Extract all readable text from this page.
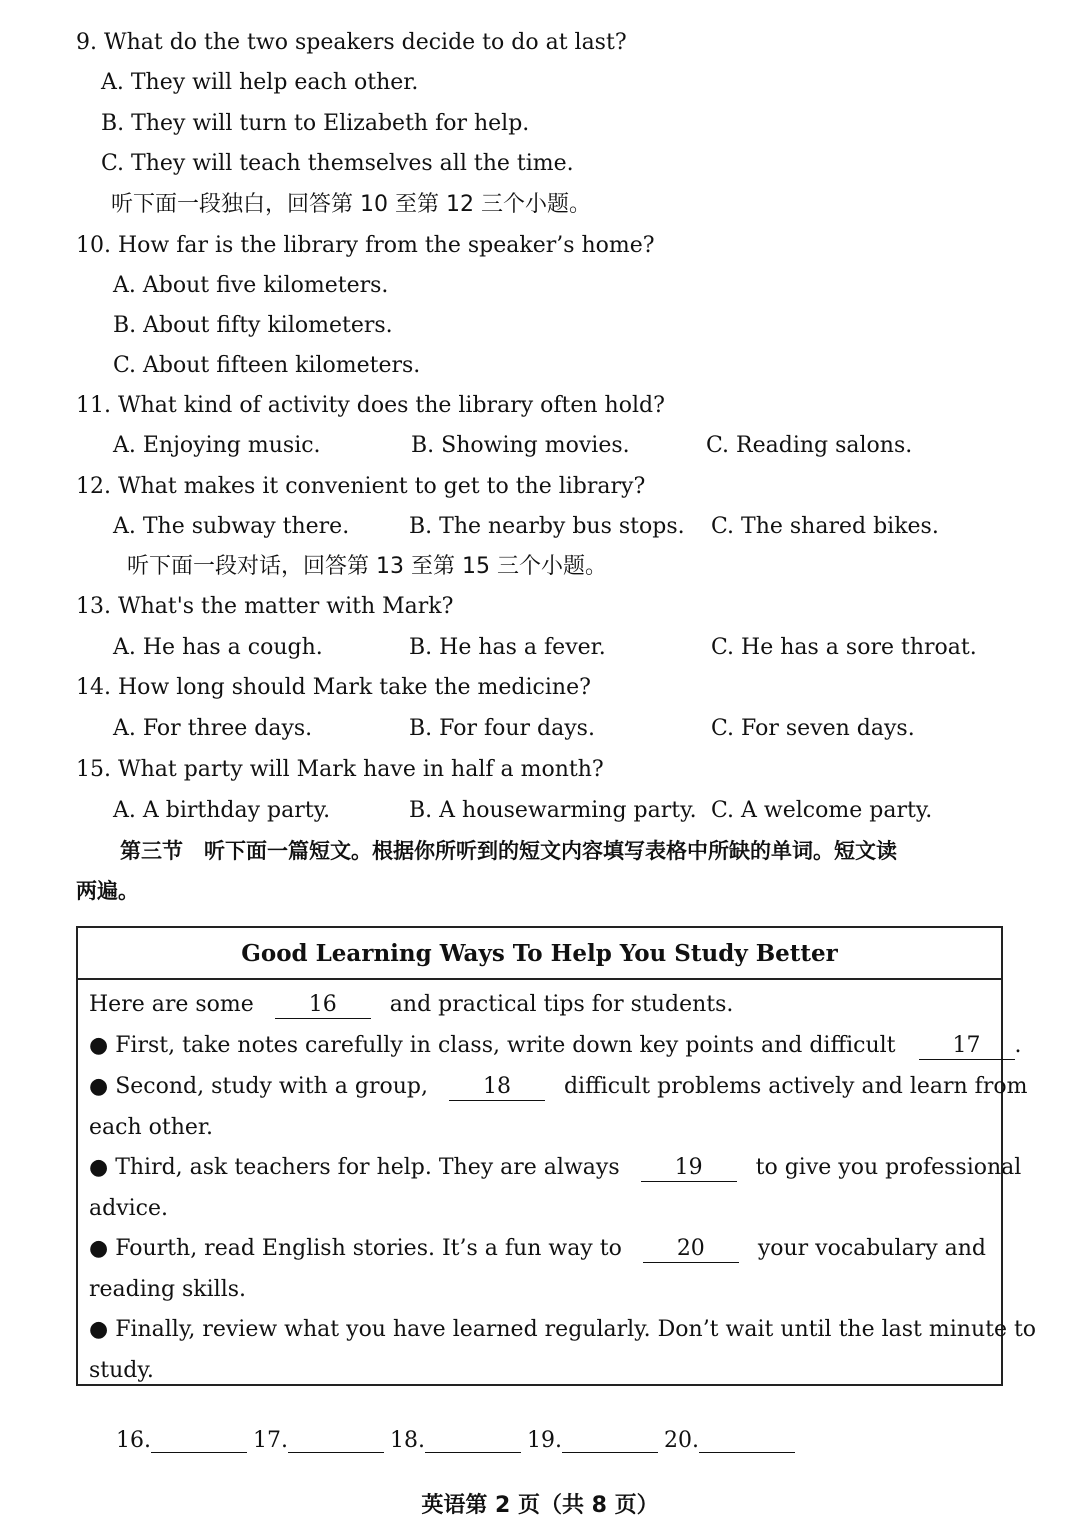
9. What do the two speakers decide to do at last?
A. They will help each other.
B. They will turn to Elizabeth for help.
C. They will teach themselves all the time.
听下面一段独白，回答第 10 至第 12 三个小题。
10. How far is the library from the speaker’s home?
A. About five kilometers.
B. About fifty kilometers.
C. About fifteen kilometers.
11. What kind of activity does the library often hold?
A. Enjoying music.	B. Showing movies.	C. Reading salons.
12. What makes it convenient to get to the library?
A. The subway there.	B. The nearby bus stops. C. The shared bikes.
听下面一段对话，回答第 13 至第 15 三个小题。
13. What's the matter with Mark?
A. He has a cough.	B. He has a fever.	C. He has a sore throat.
14. How long should Mark take the medicine?
A. For three days.	B. For four days.	C. For seven days.
15. What party will Mark have in half a month?
A. A birthday party.	B. A housewarming party. C. A welcome party.
第三节　听下面一篇短文。根据你所听到的短文内容填写表格中所缺的单词。短文读
两遍。
Good Learning Ways To Help You Study Better
Here are some	16 and practical tips for students.
● First, take notes carefully in class, write down key points and difficult	17 .
● Second, study with a group,	18 difficult problems actively and learn from
each other.
● Third, ask teachers for help. They are always	19 to give you professional
advice.
● Fourth, read English stories. It’s a fun way to	20 your vocabulary and
reading skills.
● Finally, review what you have learned regularly. Don’t wait until the last minute to
study.
16.	17.	18.	19.	20.
英语第 2 页（共 8 页）
